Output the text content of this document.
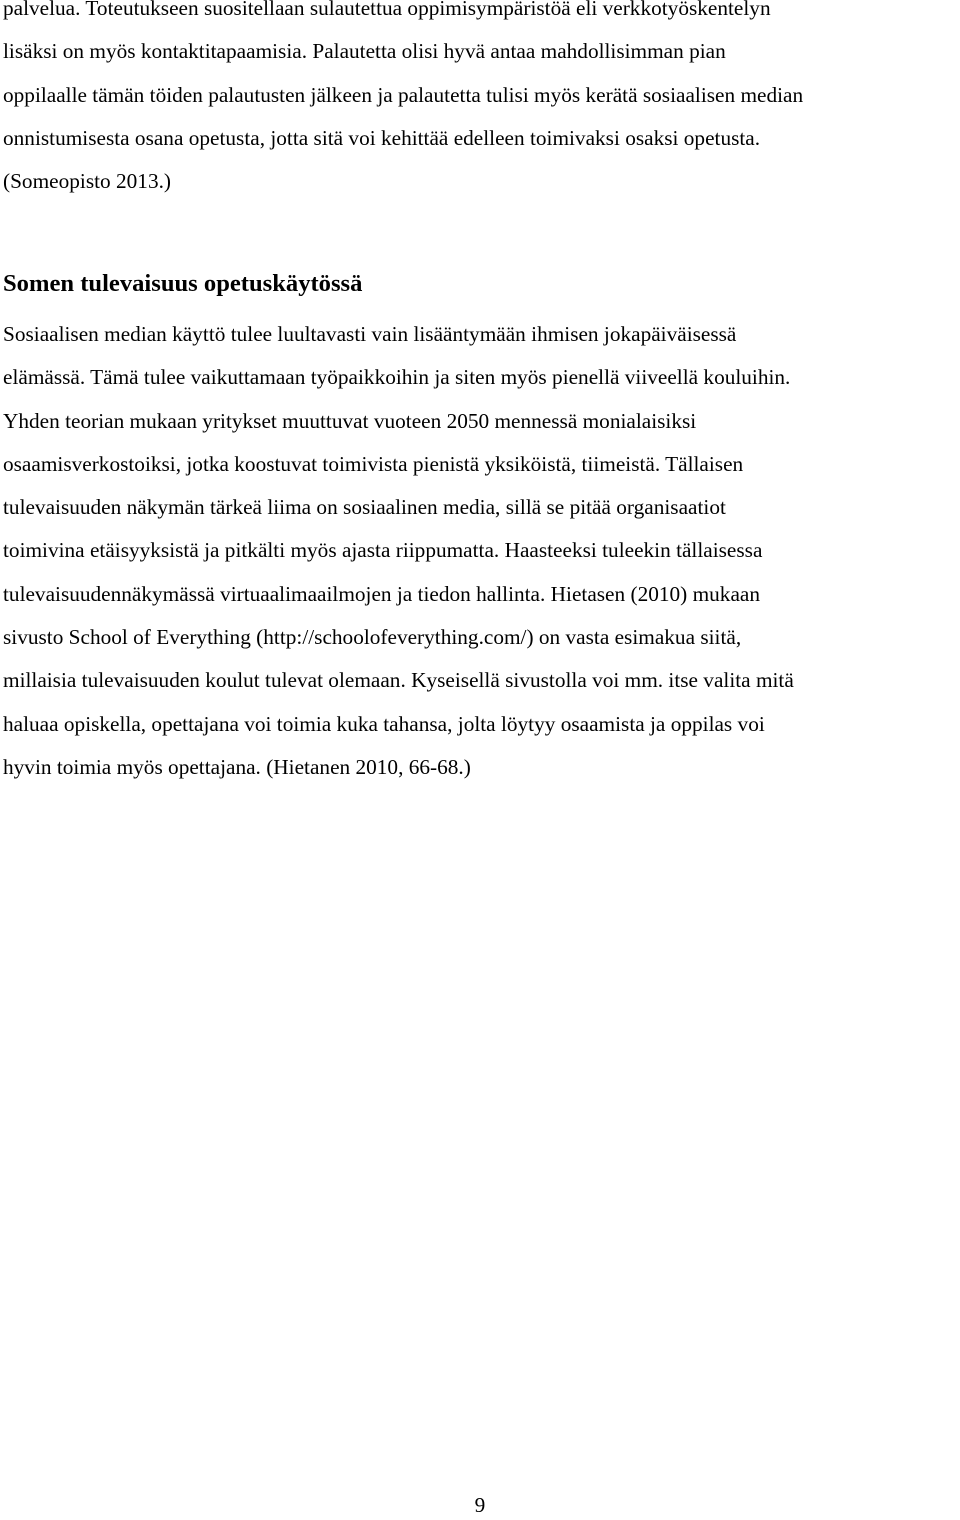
palvelua. Toteutukseen suositellaan sulautettua oppimisympäristöä eli verkkotyöskentelyn
lisäksi on myös kontaktitapaamisia. Palautetta olisi hyvä antaa mahdollisimman pian
oppilaalle tämän töiden palautusten jälkeen ja palautetta tulisi myös kerätä sosiaalisen median
onnistumisesta osana opetusta, jotta sitä voi kehittää edelleen toimivaksi osaksi opetusta.
(Someopisto 2013.)
Somen tulevaisuus opetuskäytössä
Sosiaalisen median käyttö tulee luultavasti vain lisääntymään ihmisen jokapäiväisessä
elämässä. Tämä tulee vaikuttamaan työpaikkoihin ja siten myös pienellä viiveellä kouluihin.
Yhden teorian mukaan yritykset muuttuvat vuoteen 2050 mennessä monialaisiksi
osaamisverkostoiksi, jotka koostuvat toimivista pienistä yksiköistä, tiimeistä. Tällaisen
tulevaisuuden näkymän tärkeä liima on sosiaalinen media, sillä se pitää organisaatiot
toimivina etäisyyksistä ja pitkälti myös ajasta riippumatta. Haasteeksi tuleekin tällaisessa
tulevaisuudennäkymässä virtuaalimaailmojen ja tiedon hallinta. Hietasen (2010) mukaan
sivusto School of Everything (http://schoolofeverything.com/) on vasta esimakua siitä,
millaisia tulevaisuuden koulut tulevat olemaan. Kyseisellä sivustolla voi mm. itse valita mitä
haluaa opiskella, opettajana voi toimia kuka tahansa, jolta löytyy osaamista ja oppilas voi
hyvin toimia myös opettajana. (Hietanen 2010, 66-68.)
9
